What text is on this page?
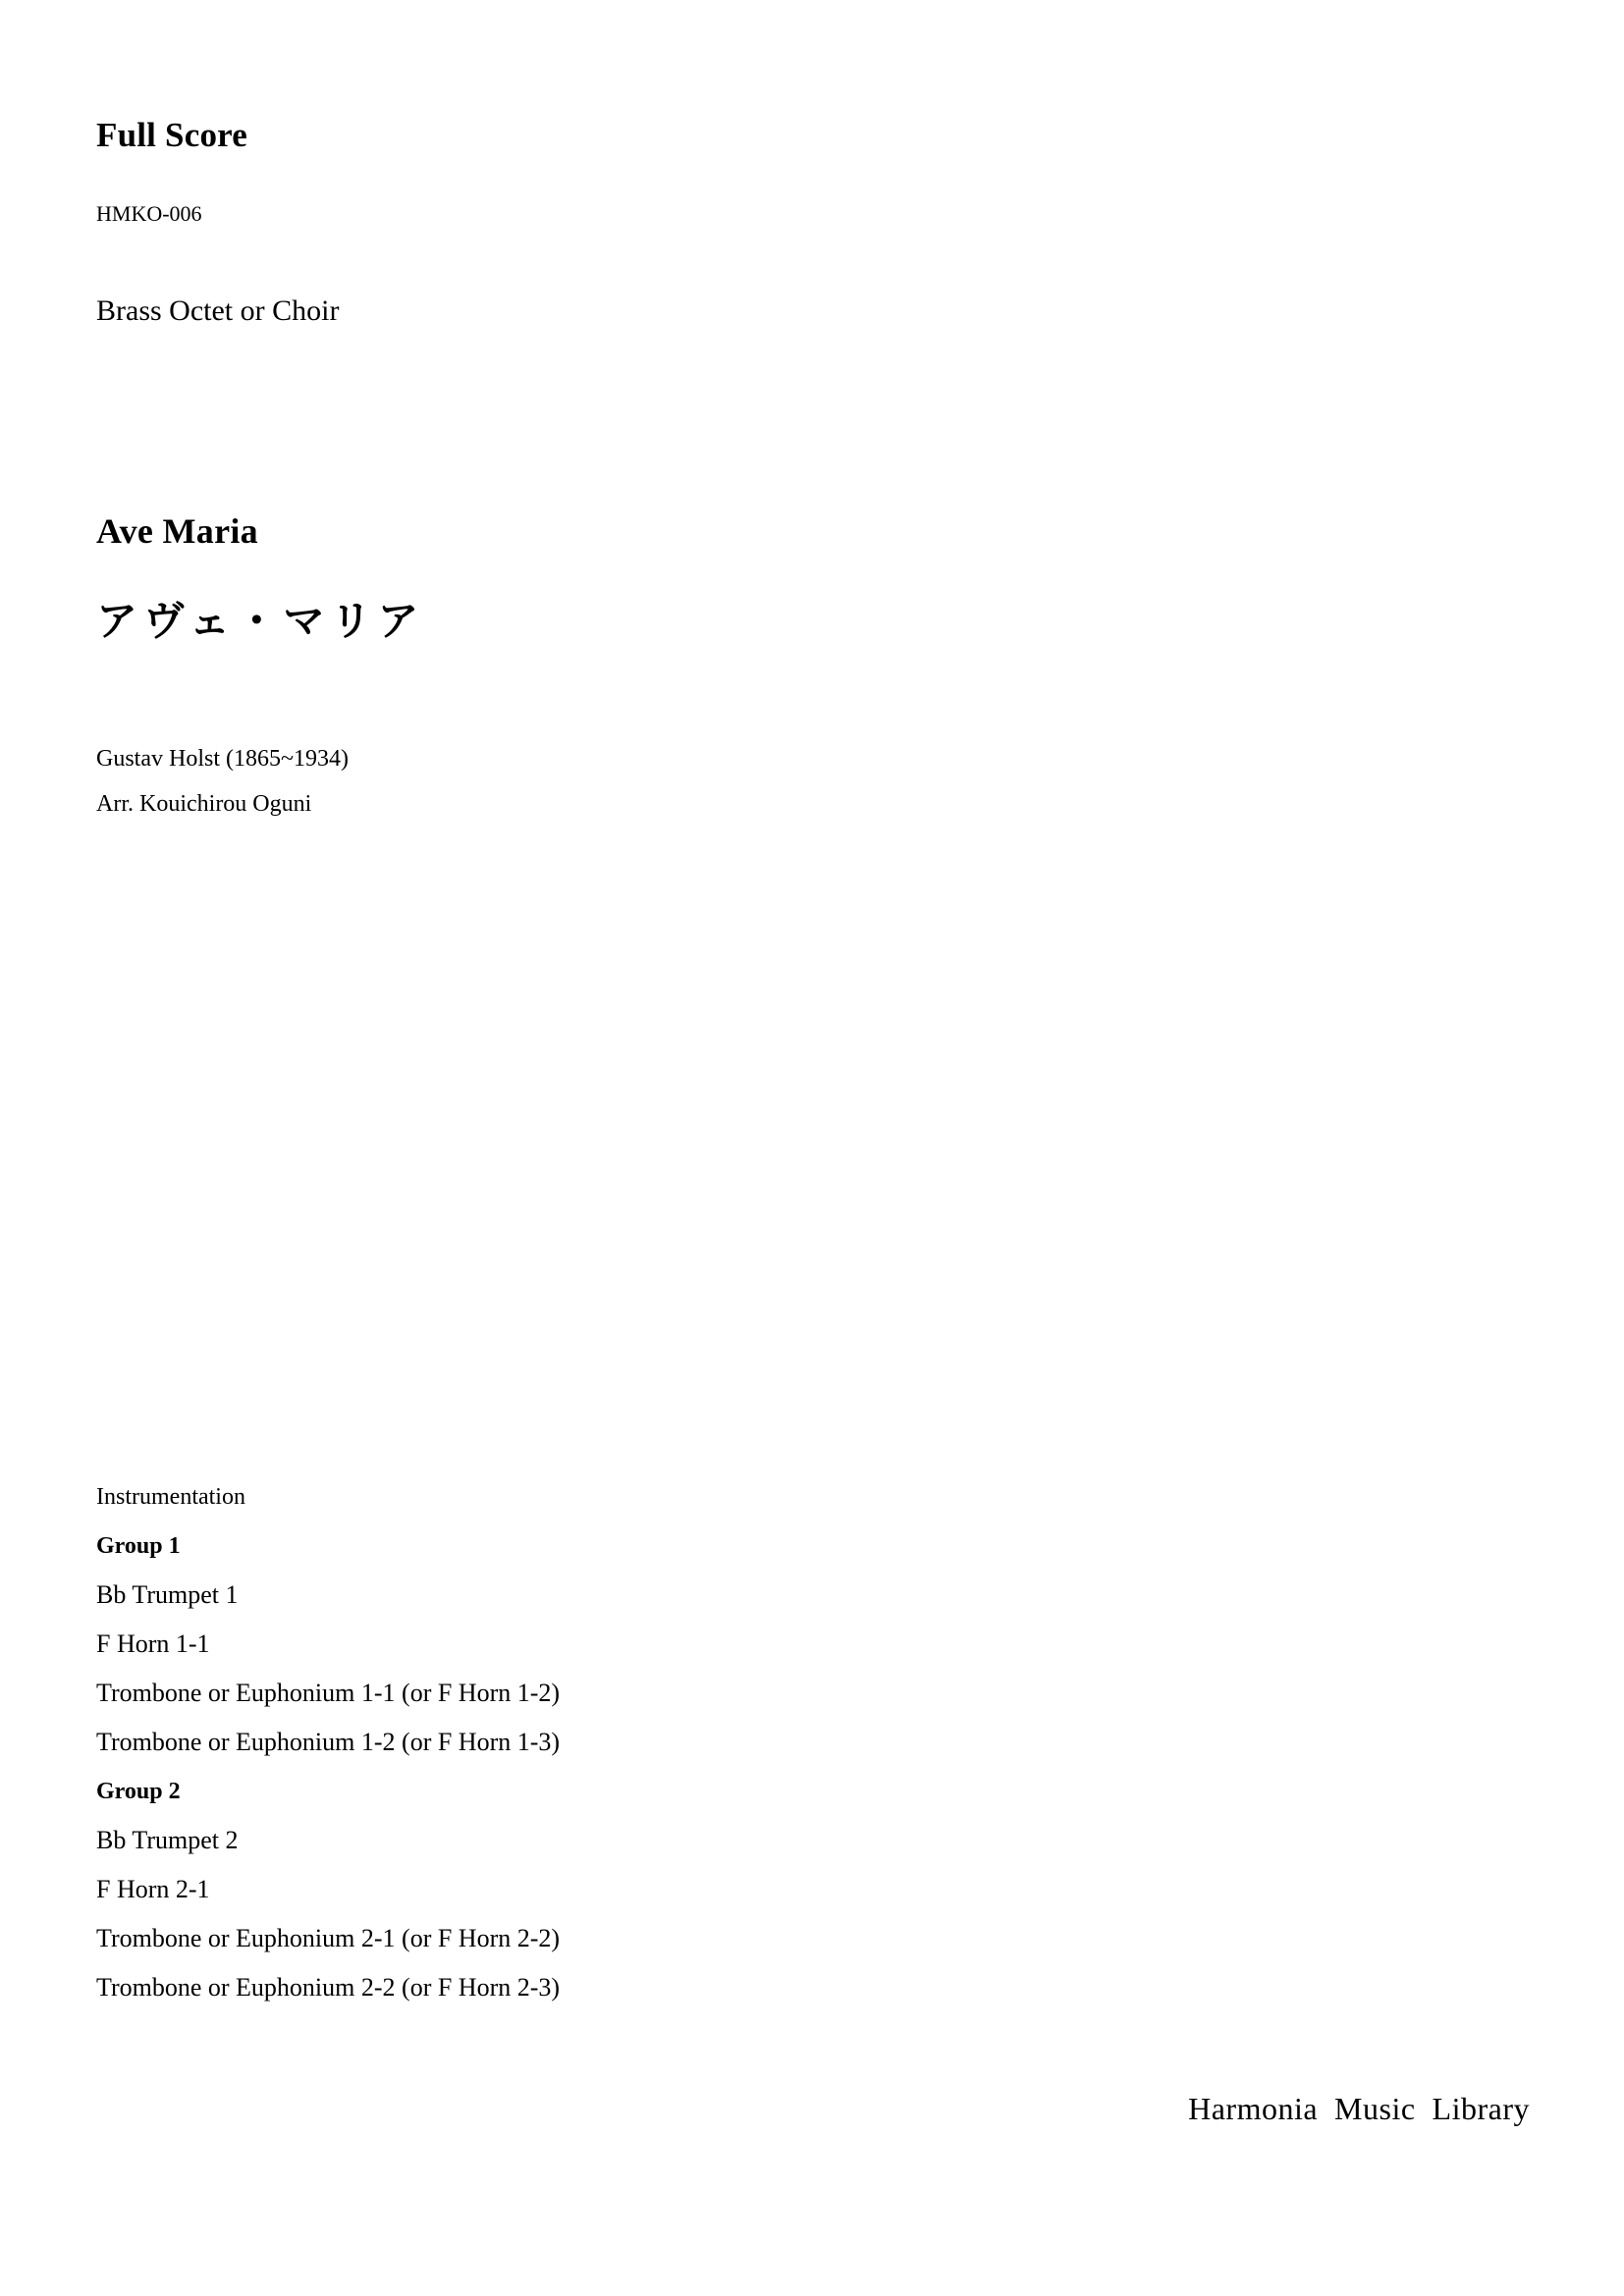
Full Score
HMKO-006
Brass Octet or Choir
Ave Maria
アヴェ・マリア
Gustav Holst (1865~1934)
Arr. Kouichirou Oguni
Instrumentation
Group 1
Bb Trumpet 1
F Horn 1-1
Trombone or Euphonium 1-1 (or F Horn 1-2)
Trombone or Euphonium 1-2 (or F Horn 1-3)
Group 2
Bb Trumpet 2
F Horn 2-1
Trombone or Euphonium 2-1 (or F Horn 2-2)
Trombone or Euphonium 2-2 (or F Horn 2-3)
Harmonia  Music  Library
